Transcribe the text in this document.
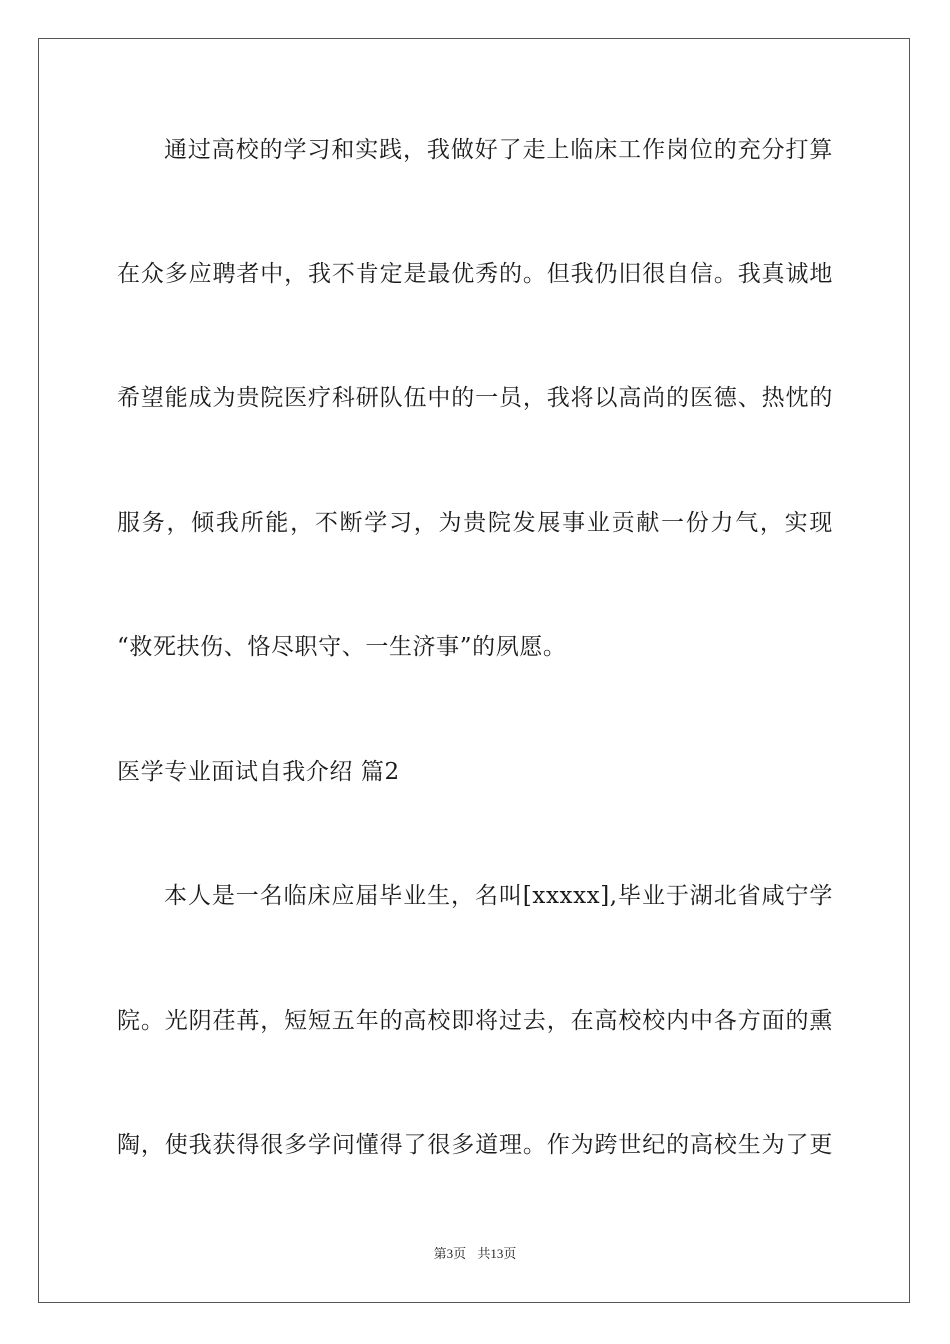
通过高校的学习和实践，我做好了走上临床工作岗位的充分打算
在众多应聘者中，我不肯定是最优秀的。但我仍旧很自信。我真诚地
希望能成为贵院医疗科研队伍中的一员，我将以高尚的医德、热忱的
服务，倾我所能，不断学习，为贵院发展事业贡献一份力气，实现
“救死扶伤、恪尽职守、一生济事”的夙愿。
医学专业面试自我介绍 篇2
本人是一名临床应届毕业生，名叫[xxxxx],毕业于湖北省咸宁学
院。光阴荏苒，短短五年的高校即将过去，在高校校内中各方面的熏
陶，使我获得很多学问懂得了很多道理。作为跨世纪的高校生为了更
第3页 共13页
